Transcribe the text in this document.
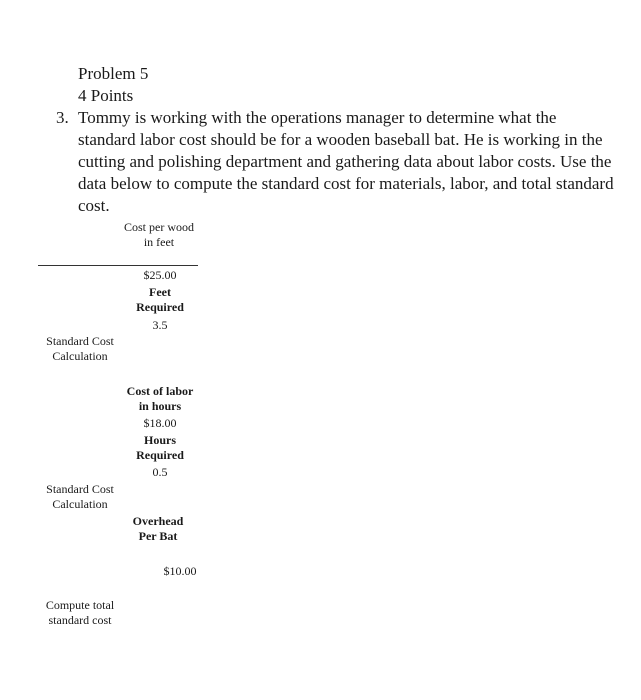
Problem 5
4 Points
3. Tommy is working with the operations manager to determine what the standard labor cost should be for a wooden baseball bat. He is working in the cutting and polishing department and gathering data about labor costs. Use the data below to compute the standard cost for materials, labor, and total standard cost.
Cost per wood
in feet
$25.00
Feet
Required
3.5
Standard Cost
Calculation
Cost of labor
in hours
$18.00
Hours
Required
0.5
Standard Cost
Calculation
Overhead
Per Bat
$10.00
Compute total
standard cost
